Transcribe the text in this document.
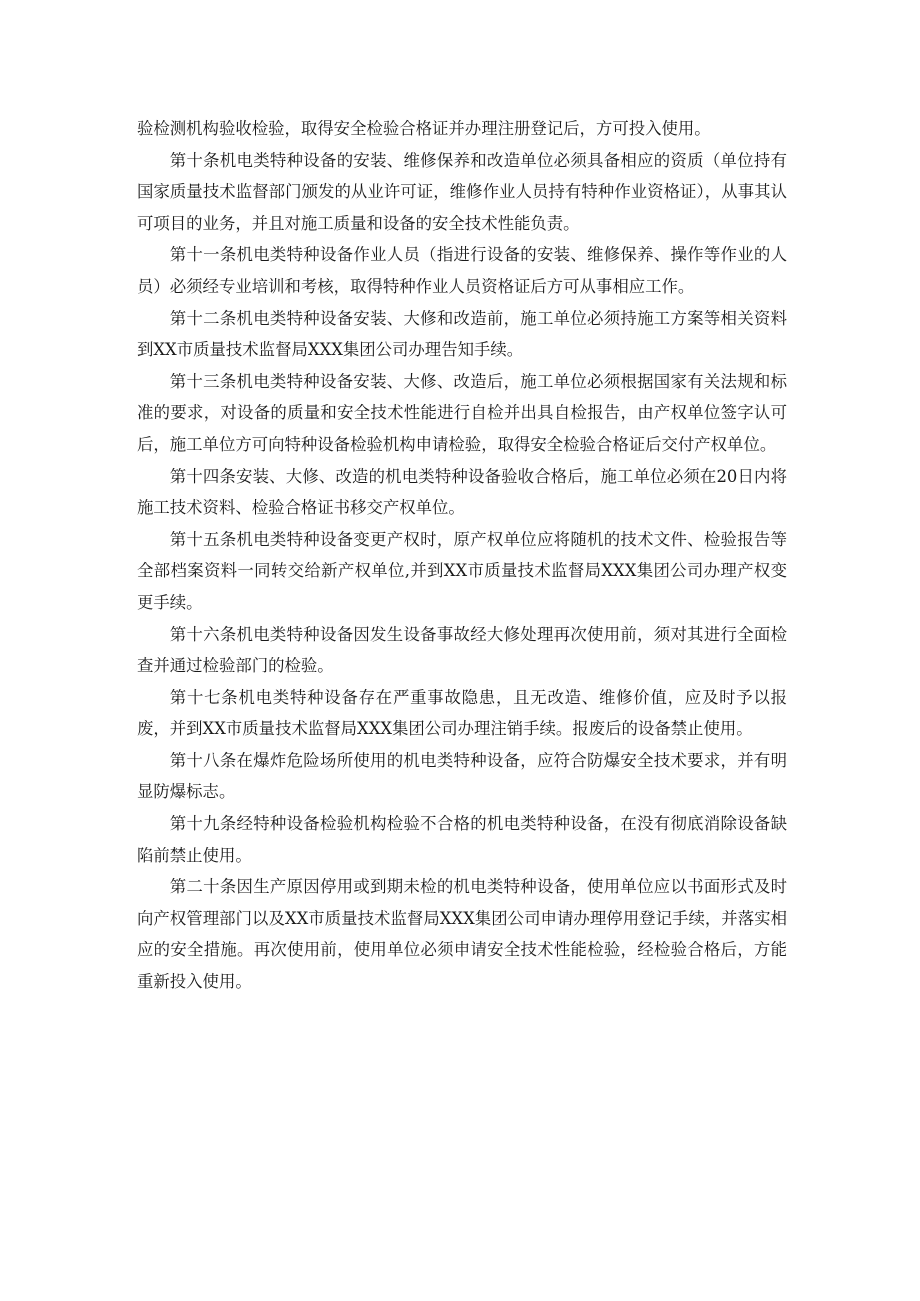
验检测机构验收检验，取得安全检验合格证并办理注册登记后，方可投入使用。

第十条机电类特种设备的安装、维修保养和改造单位必须具备相应的资质（单位持有国家质量技术监督部门颁发的从业许可证，维修作业人员持有特种作业资格证），从事其认可项目的业务，并且对施工质量和设备的安全技术性能负责。

第十一条机电类特种设备作业人员（指进行设备的安装、维修保养、操作等作业的人员）必须经专业培训和考核，取得特种作业人员资格证后方可从事相应工作。

第十二条机电类特种设备安装、大修和改造前，施工单位必须持施工方案等相关资料到XX市质量技术监督局XXX集团公司办理告知手续。

第十三条机电类特种设备安装、大修、改造后，施工单位必须根据国家有关法规和标准的要求，对设备的质量和安全技术性能进行自检并出具自检报告，由产权单位签字认可后，施工单位方可向特种设备检验机构申请检验，取得安全检验合格证后交付产权单位。

第十四条安装、大修、改造的机电类特种设备验收合格后，施工单位必须在20日内将施工技术资料、检验合格证书移交产权单位。

第十五条机电类特种设备变更产权时，原产权单位应将随机的技术文件、检验报告等全部档案资料一同转交给新产权单位,并到XX市质量技术监督局XXX集团公司办理产权变更手续。

第十六条机电类特种设备因发生设备事故经大修处理再次使用前，须对其进行全面检查并通过检验部门的检验。

第十七条机电类特种设备存在严重事故隐患，且无改造、维修价值，应及时予以报废，并到XX市质量技术监督局XXX集团公司办理注销手续。报废后的设备禁止使用。

第十八条在爆炸危险场所使用的机电类特种设备，应符合防爆安全技术要求，并有明显防爆标志。

第十九条经特种设备检验机构检验不合格的机电类特种设备，在没有彻底消除设备缺陷前禁止使用。

第二十条因生产原因停用或到期未检的机电类特种设备，使用单位应以书面形式及时向产权管理部门以及XX市质量技术监督局XXX集团公司申请办理停用登记手续，并落实相应的安全措施。再次使用前，使用单位必须申请安全技术性能检验，经检验合格后，方能重新投入使用。
